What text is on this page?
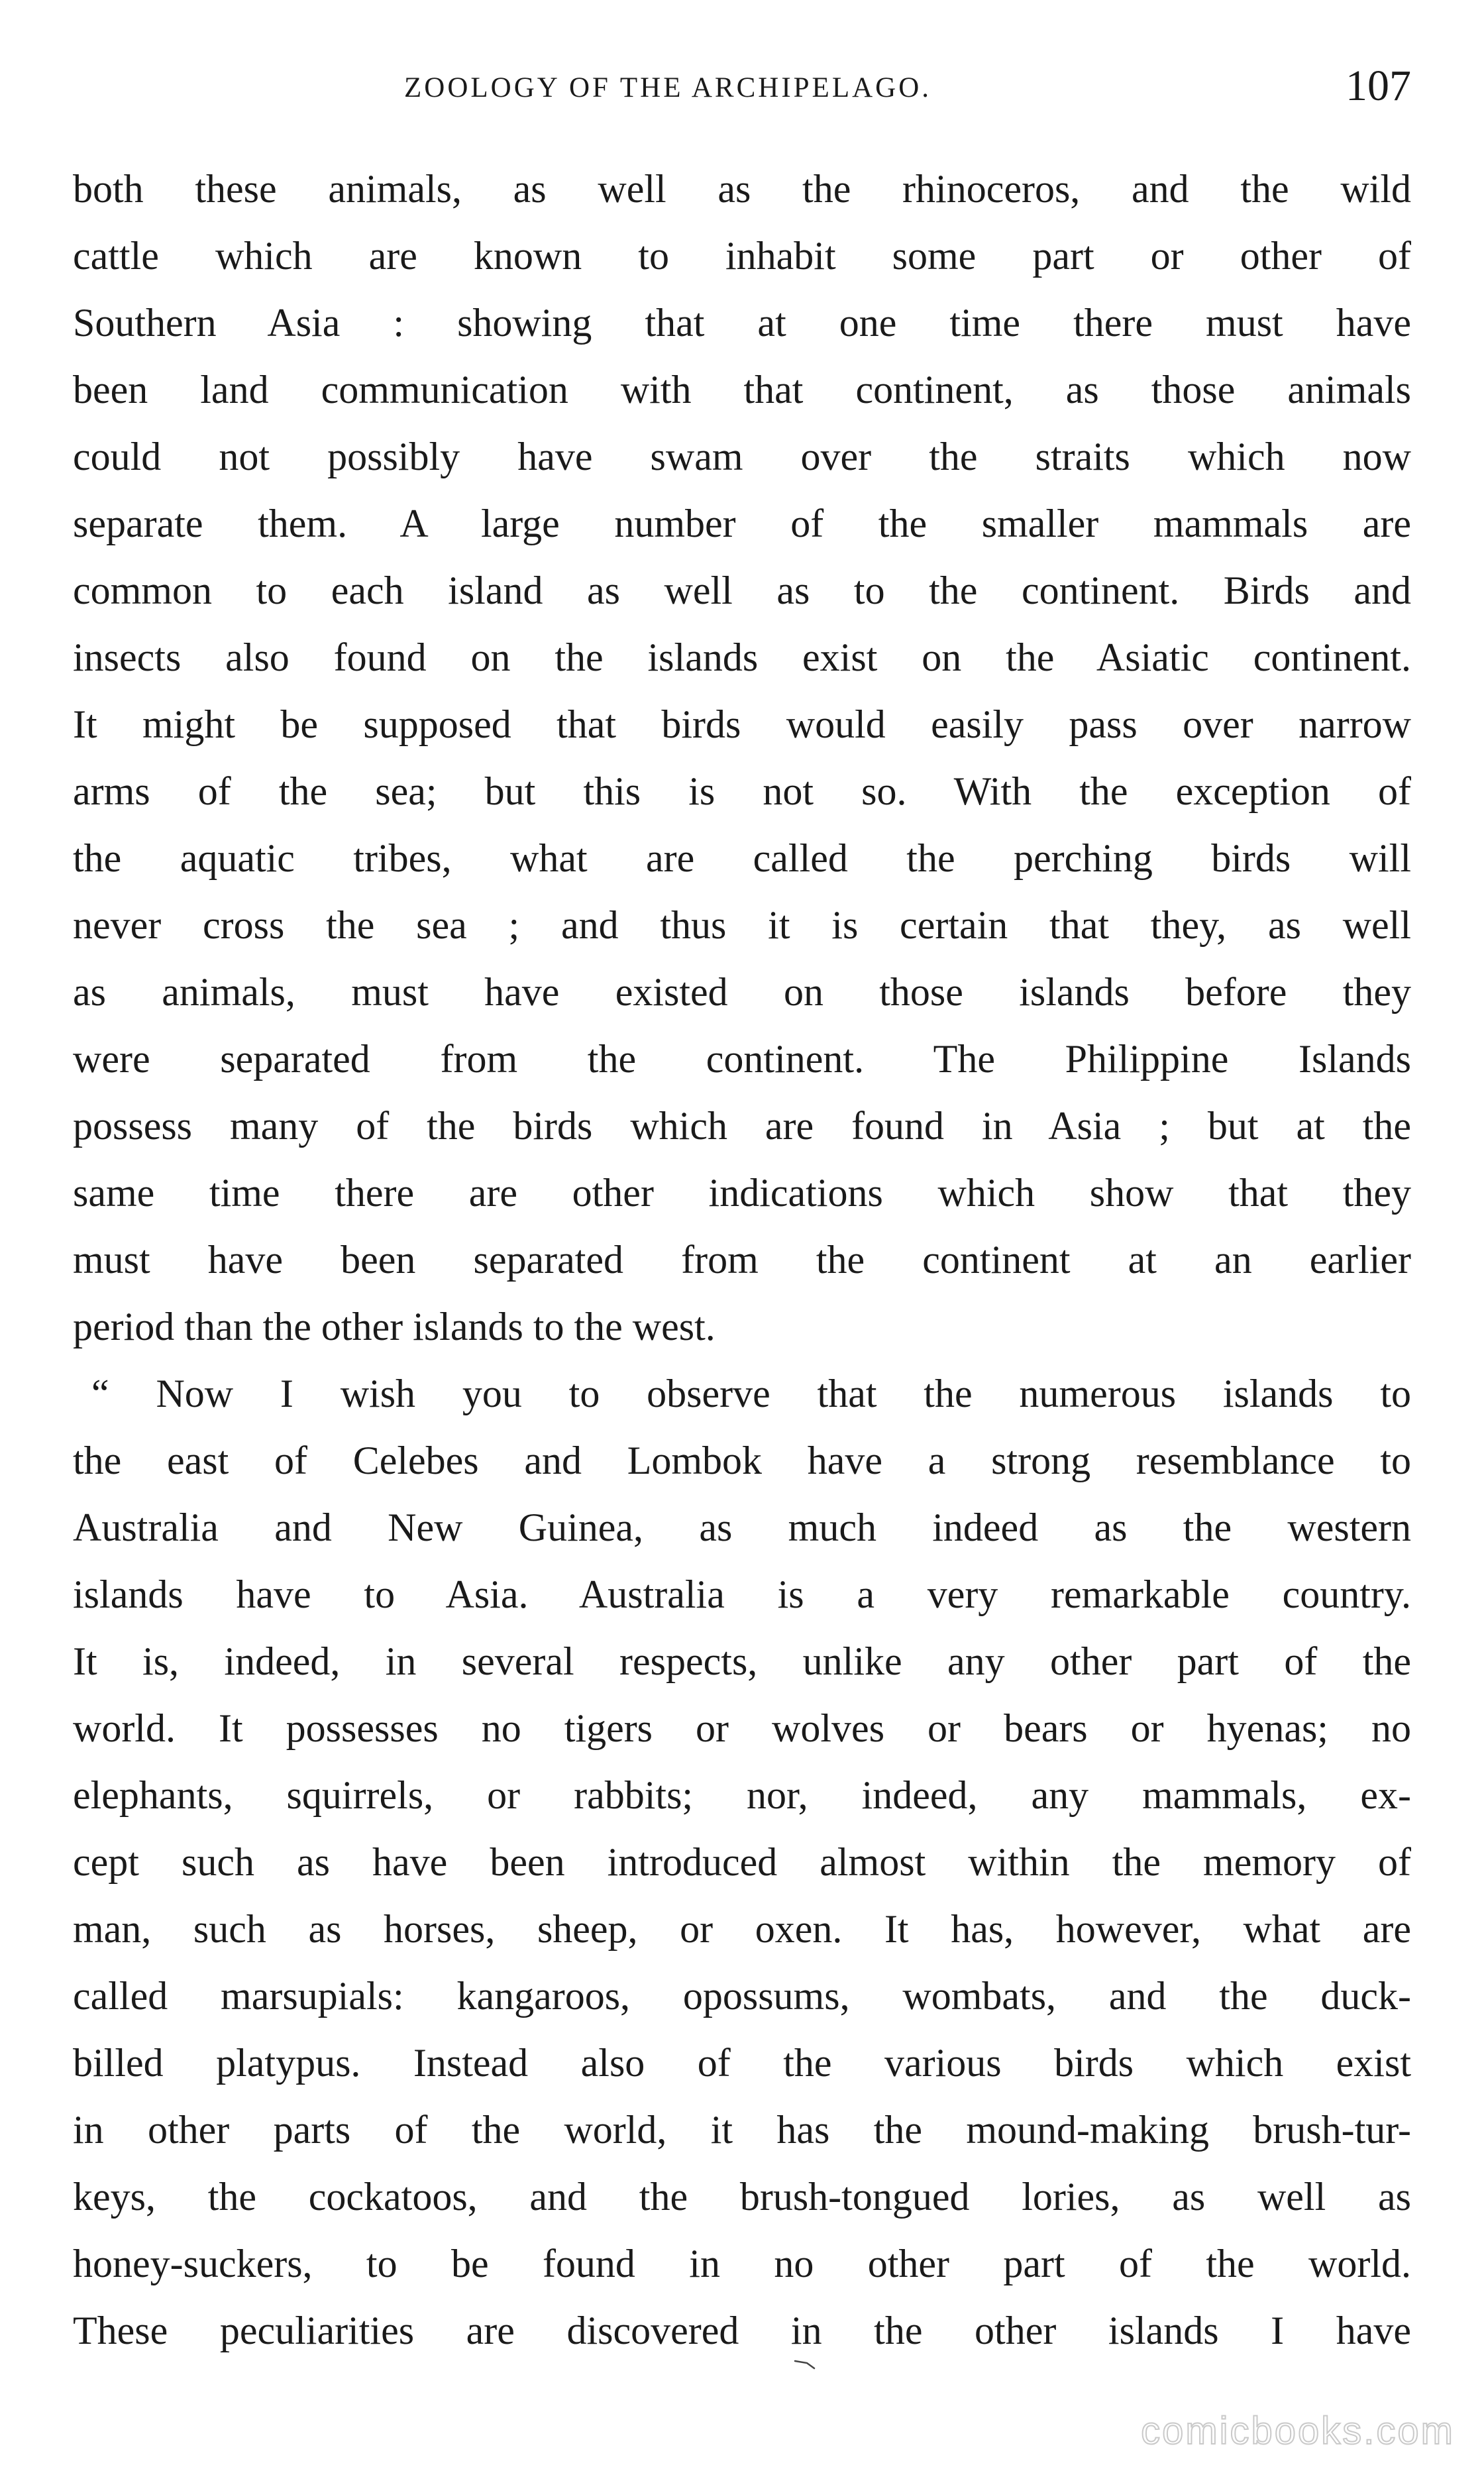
ZOOLOGY OF THE ARCHIPELAGO.	107
both these animals, as well as the rhinoceros, and the wild
cattle which are known to inhabit some part or other of
Southern Asia : showing that at one time there must have
been land communication with that continent, as those animals
could not possibly have swam over the straits which now
separate them. A large number of the smaller mammals are
common to each island as well as to the continent. Birds and
insects also found on the islands exist on the Asiatic continent.
It might be supposed that birds would easily pass over narrow
arms of the sea; but this is not so. With the exception of
the aquatic tribes, what are called the perching birds will
never cross the sea ; and thus it is certain that they, as well
as animals, must have existed on those islands before they
were separated from the continent. The Philippine Islands
possess many of the birds which are found in Asia ; but at the
same time there are other indications which show that they
must have been separated from the continent at an earlier
period than the other islands to the west.
“ Now I wish you to observe that the numerous islands to
the east of Celebes and Lombok have a strong resemblance to
Australia and New Guinea, as much indeed as the western
islands have to Asia. Australia is a very remarkable country.
It is, indeed, in several respects, unlike any other part of the
world. It possesses no tigers or wolves or bears or hyenas; no
elephants, squirrels, or rabbits; nor, indeed, any mammals, ex-
cept such as have been introduced almost within the memory of
man, such as horses, sheep, or oxen. It has, however, what are
called marsupials: kangaroos, opossums, wombats, and the duck-
billed platypus. Instead also of the various birds which exist
in other parts of the world, it has the mound-making brush-tur-
keys, the cockatoos, and the brush-tongued lories, as well as
honey-suckers, to be found in no other part of the world.
These peculiarities are discovered in the other islands I have
comicbooks.com
